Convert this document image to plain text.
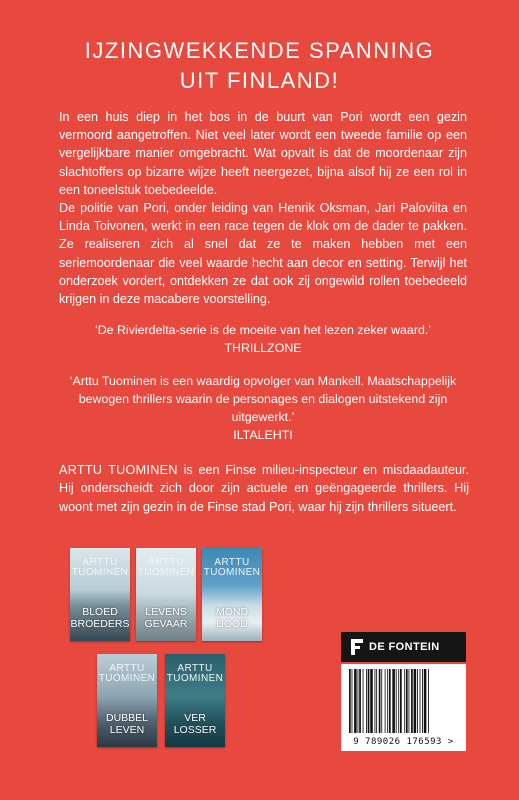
IJZINGWEKKENDE SPANNING
UIT FINLAND!

In een huis diep in het bos in de buurt van Pori wordt een gezin vermoord aangetroffen. Niet veel later wordt een tweede familie op een vergelijkbare manier omgebracht. Wat opvalt is dat de moordenaar zijn slachtoffers op bizarre wijze heeft neergezet, bijna alsof hij ze een rol in een toneelstuk toebedeelde.

De politie van Pori, onder leiding van Henrik Oksman, Jari Paloviita en Linda Toivonen, werkt in een race tegen de klok om de dader te pakken. Ze realiseren zich al snel dat ze te maken hebben met een seriemoordenaar die veel waarde hecht aan decor en setting. Terwijl het onderzoek vordert, ontdekken ze dat ook zij ongewild rollen toebedeeld krijgen in deze macabere voorstelling.

‘De Rivierdelta-serie is de moeite van het lezen zeker waard.’
THRILLZONE
‘Arttu Tuominen is een waardig opvolger van Mankell. Maatschappelijk bewogen thrillers waarin de personages en dialogen uitstekend zijn uitgewerkt.’
ILTALEHTI
ARTTU TUOMINEN is een Finse milieu-inspecteur en misdaadauteur. Hij onderscheidt zich door zijn actuele en geëngageerde thrillers. Hij woont met zijn gezin in de Finse stad Pori, waar hij zijn thrillers situeert.
ARTTU
TUOMINEN
BLOED
BROEDERS
ARTTU
TUOMINEN
LEVENS
GEVAAR
ARTTU
TUOMINEN
MOND
DOOD
ARTTU
TUOMINEN
DUBBEL
LEVEN
ARTTU
TUOMINEN
VER
LOSSER
DE FONTEIN
9 789026 176593 >
